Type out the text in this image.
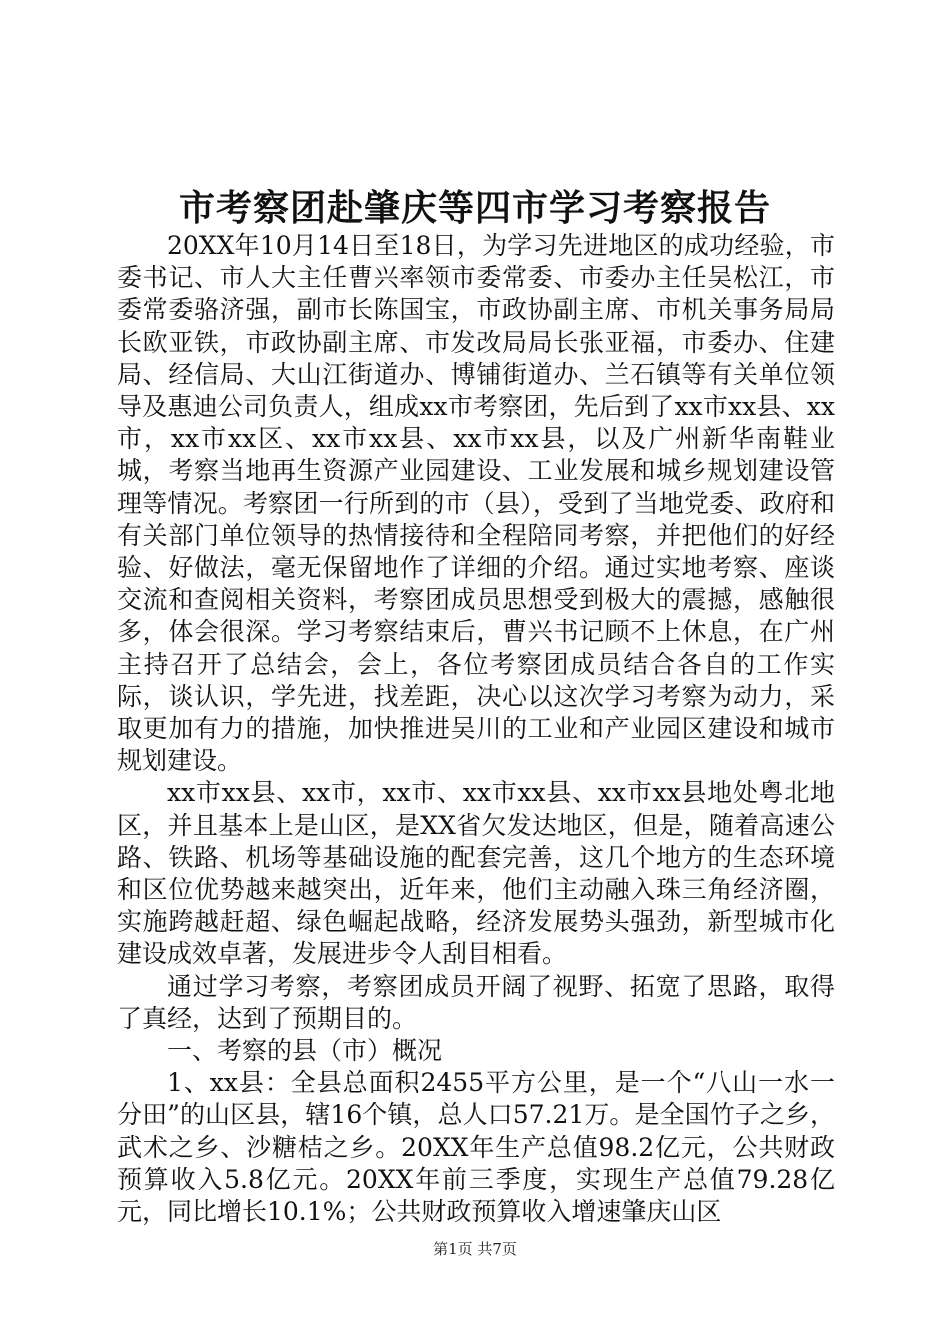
市考察团赴肇庆等四市学习考察报告

20XX年10月14日至18日，为学习先进地区的成功经验，市委书记、市人大主任曹兴率领市委常委、市委办主任吴松江，市委常委骆济强，副市长陈国宝，市政协副主席、市机关事务局局长欧亚铁，市政协副主席、市发改局局长张亚福，市委办、住建局、经信局、大山江街道办、博铺街道办、兰石镇等有关单位领导及惠迪公司负责人，组成xx市考察团，先后到了xx市xx县、xx市，xx市xx区、xx市xx县、xx市xx县，以及广州新华南鞋业城，考察当地再生资源产业园建设、工业发展和城乡规划建设管理等情况。考察团一行所到的市（县），受到了当地党委、政府和有关部门单位领导的热情接待和全程陪同考察，并把他们的好经验、好做法，毫无保留地作了详细的介绍。通过实地考察、座谈交流和查阅相关资料，考察团成员思想受到极大的震撼，感触很多，体会很深。学习考察结束后，曹兴书记顾不上休息，在广州主持召开了总结会，会上，各位考察团成员结合各自的工作实际，谈认识，学先进，找差距，决心以这次学习考察为动力，采取更加有力的措施，加快推进吴川的工业和产业园区建设和城市规划建设。

xx市xx县、xx市，xx市、xx市xx县、xx市xx县地处粤北地区，并且基本上是山区，是XX省欠发达地区，但是，随着高速公路、铁路、机场等基础设施的配套完善，这几个地方的生态环境和区位优势越来越突出，近年来，他们主动融入珠三角经济圈，实施跨越赶超、绿色崛起战略，经济发展势头强劲，新型城市化建设成效卓著，发展进步令人刮目相看。

通过学习考察，考察团成员开阔了视野、拓宽了思路，取得了真经，达到了预期目的。

一、考察的县（市）概况

1、xx县：全县总面积2455平方公里，是一个“八山一水一分田”的山区县，辖16个镇，总人口57.21万。是全国竹子之乡，武术之乡、沙糖桔之乡。20XX年生产总值98.2亿元，公共财政预算收入5.8亿元。20XX年前三季度，实现生产总值79.28亿元，同比增长10.1%；公共财政预算收入增速肇庆山区

第1页 共7页
